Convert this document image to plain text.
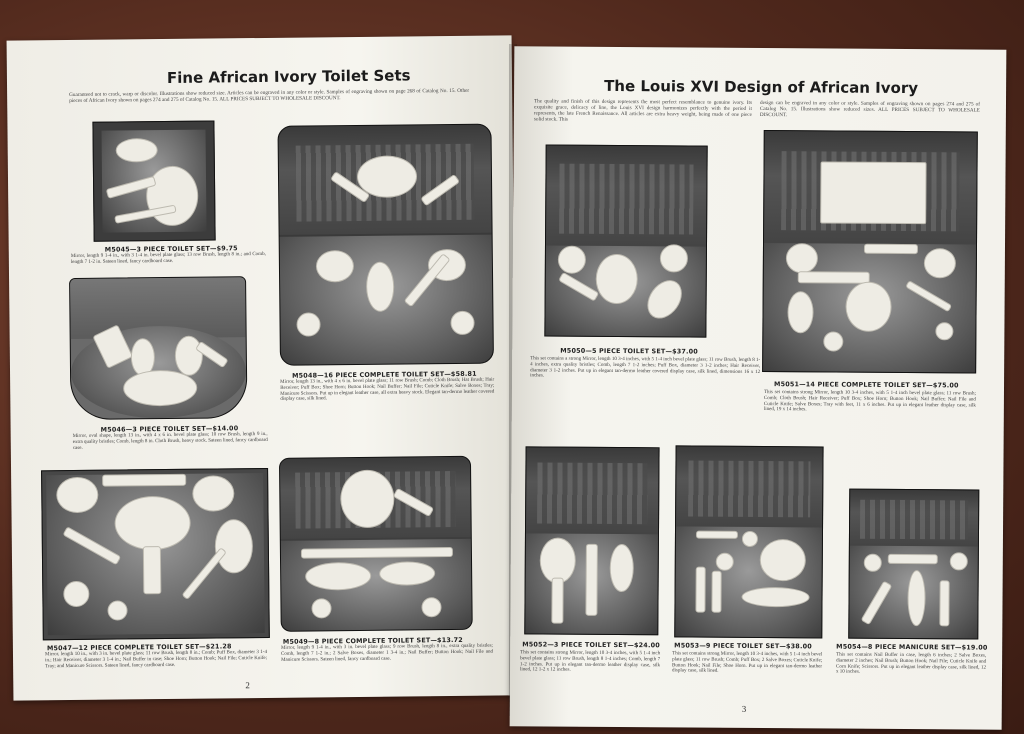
Fine African Ivory Toilet Sets
Guaranteed not to crack, warp or discolor. Illustrations show reduced size. Articles can be engraved in any color or style. Samples of engraving shown on page 268 of Catalog No. 15. Other pieces of African Ivory shown on pages 274 and 275 of Catalog No. 15. ALL PRICES SUBJECT TO WHOLESALE DISCOUNT.
M5045—3 PIECE TOILET SET—$9.75
Mirror, length 9 1-4 in., with 3 1-4 in. bevel plate glass; 13 row Brush, length 8 in.; and Comb, length 7 1-2 in. Sateen lined, fancy cardboard case.
M5046—3 PIECE TOILET SET—$14.00
Mirror, oval shape, length 13 in., with 4 x 6 in. bevel plate glass; 10 row Brush, length 9 in., extra quality bristles; Comb, length 8 in. Cloth Brush, heavy stock. Sateen lined, fancy cardboard case.
M5047—12 PIECE COMPLETE TOILET SET—$21.28
Mirror, length 10 in., with 3 in. bevel plate glass; 11 row Brush, length 8 in.; Comb; Puff Box, diameter 3 1-4 in.; Hair Receiver, diameter 3 1-4 in.; Nail Buffer in case; Shoe Horn; Button Hook; Nail File; Cuticle Knife; Tray; and Manicure Scissors. Sateen lined, fancy cardboard case.
M5048—16 PIECE COMPLETE TOILET SET—$58.81
Mirror, length 13 in., with 4 x 6 in. bevel plate glass; 11 row Brush; Comb; Cloth Brush; Hat Brush; Hair Receiver; Puff Box; Shoe Horn; Button Hook; Nail Buffer; Nail File; Cuticle Knife; Salve Boxes; Tray; Manicure Scissors. Put up in elegant leather case, all extra heavy stock. Elegant tan-dermo leather covered display case, silk lined.
M5049—8 PIECE COMPLETE TOILET SET—$13.72
Mirror, length 9 1-4 in., with 3 in. bevel plate glass; 9 row Brush, length 8 in., extra quality bristles; Comb, length 7 1-2 in.; 2 Salve Boxes, diameter 1 3-4 in.; Nail Buffer; Button Hook; Nail File and Manicure Scissors. Sateen lined, fancy cardboard case.
2
The Louis XVI Design of African Ivory
The quality and finish of this design represents the most perfect resemblance to genuine ivory. Its exquisite grace, delicacy of line, the Louis XVI design harmonizes perfectly with the period it represents, the late French Renaissance. All articles are extra heavy weight, being made of one piece solid stock. This
design can be engraved in any color or style. Samples of engraving shown on pages 274 and 275 of Catalog No. 15. Illustrations show reduced sizes. ALL PRICES SUBJECT TO WHOLESALE DISCOUNT.
M5050—5 PIECE TOILET SET—$37.00
This set contains a strong Mirror, length 10 3-4 inches, with 5 1-4 inch bevel plate glass; 11 row Brush, length 8 1-4 inches, extra quality bristles; Comb, length 7 1-2 inches; Puff Box, diameter 3 1-2 inches; Hair Receiver, diameter 3 1-2 inches. Put up in elegant tan-dermo leather covered display case, silk lined, dimensions 16 x 12 inches.
M5051—14 PIECE COMPLETE TOILET SET—$75.00
This set contains strong Mirror, length 10 3-4 inches, with 5 1-4 inch bevel plate glass; 11 row Brush; Comb; Cloth Brush; Hair Receiver; Puff Box; Shoe Horn; Button Hook; Nail Buffer; Nail File and Cuticle Knife; Salve Boxes; Tray with feet, 11 x 6 inches. Put up in elegant leather display case, silk lined, 19 x 14 inches.
M5052—3 PIECE TOILET SET—$24.00
This set contains strong Mirror, length 10 3-4 inches, with 5 1-4 inch bevel plate glass; 11 row Brush, length 8 1-4 inches; Comb, length 7 1-2 inches. Put up in elegant tan-dermo leather display case, silk lined, 12 1-2 x 12 inches.
M5053—9 PIECE TOILET SET—$38.00
This set contains strong Mirror, length 10 3-4 inches, with 5 1-4 inch bevel plate glass; 11 row Brush; Comb; Puff Box; 2 Salve Boxes; Cuticle Knife; Button Hook; Nail File; Shoe Horn. Put up in elegant tan-dermo leather display case, silk lined.
M5054—8 PIECE MANICURE SET—$19.00
This set contains Nail Buffer in case, length 6 inches; 2 Salve Boxes, diameter 2 inches; Nail Brush; Button Hook; Nail File; Cuticle Knife and Corn Knife; Scissors. Put up in elegant leather display case, silk lined, 12 x 10 inches.
3
